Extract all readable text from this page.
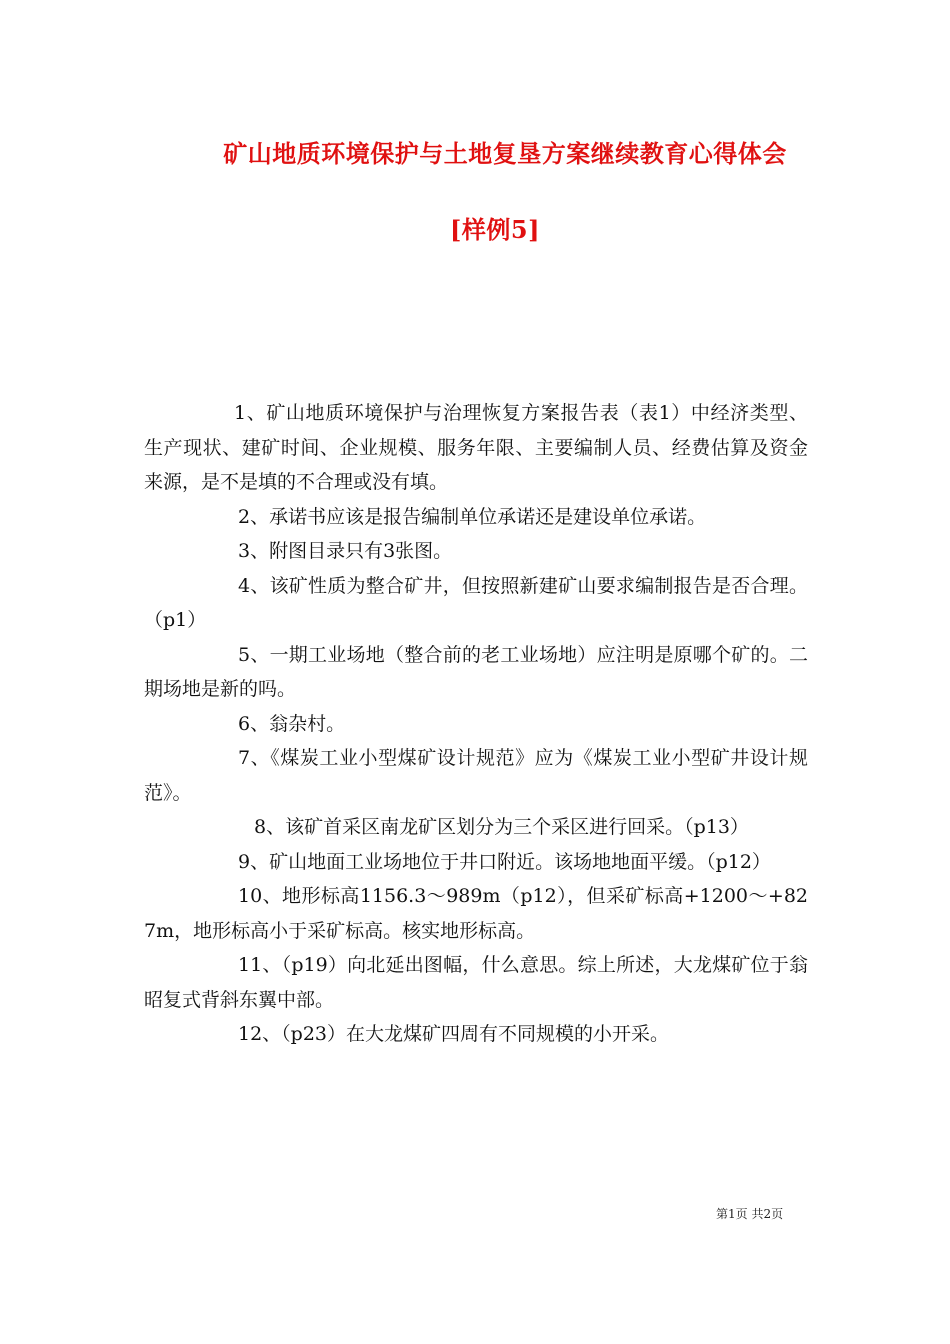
矿山地质环境保护与土地复垦方案继续教育心得体会
[样例5]

1、矿山地质环境保护与治理恢复方案报告表（表1）中经济类型、生产现状、建矿时间、企业规模、服务年限、主要编制人员、经费估算及资金来源，是不是填的不合理或没有填。

2、承诺书应该是报告编制单位承诺还是建设单位承诺。

3、附图目录只有3张图。

4、该矿性质为整合矿井，但按照新建矿山要求编制报告是否合理。（p1）

5、一期工业场地（整合前的老工业场地）应注明是原哪个矿的。二期场地是新的吗。

6、翁杂村。

7、《煤炭工业小型煤矿设计规范》应为《煤炭工业小型矿井设计规范》。

8、该矿首采区南龙矿区划分为三个采区进行回采。（p13）

9、矿山地面工业场地位于井口附近。该场地地面平缓。（p12）

10、地形标高1156.3～989m（p12），但采矿标高+1200～+827m，地形标高小于采矿标高。核实地形标高。

11、（p19）向北延出图幅，什么意思。综上所述，大龙煤矿位于翁昭复式背斜东翼中部。

12、（p23）在大龙煤矿四周有不同规模的小开采。

第1页 共2页
